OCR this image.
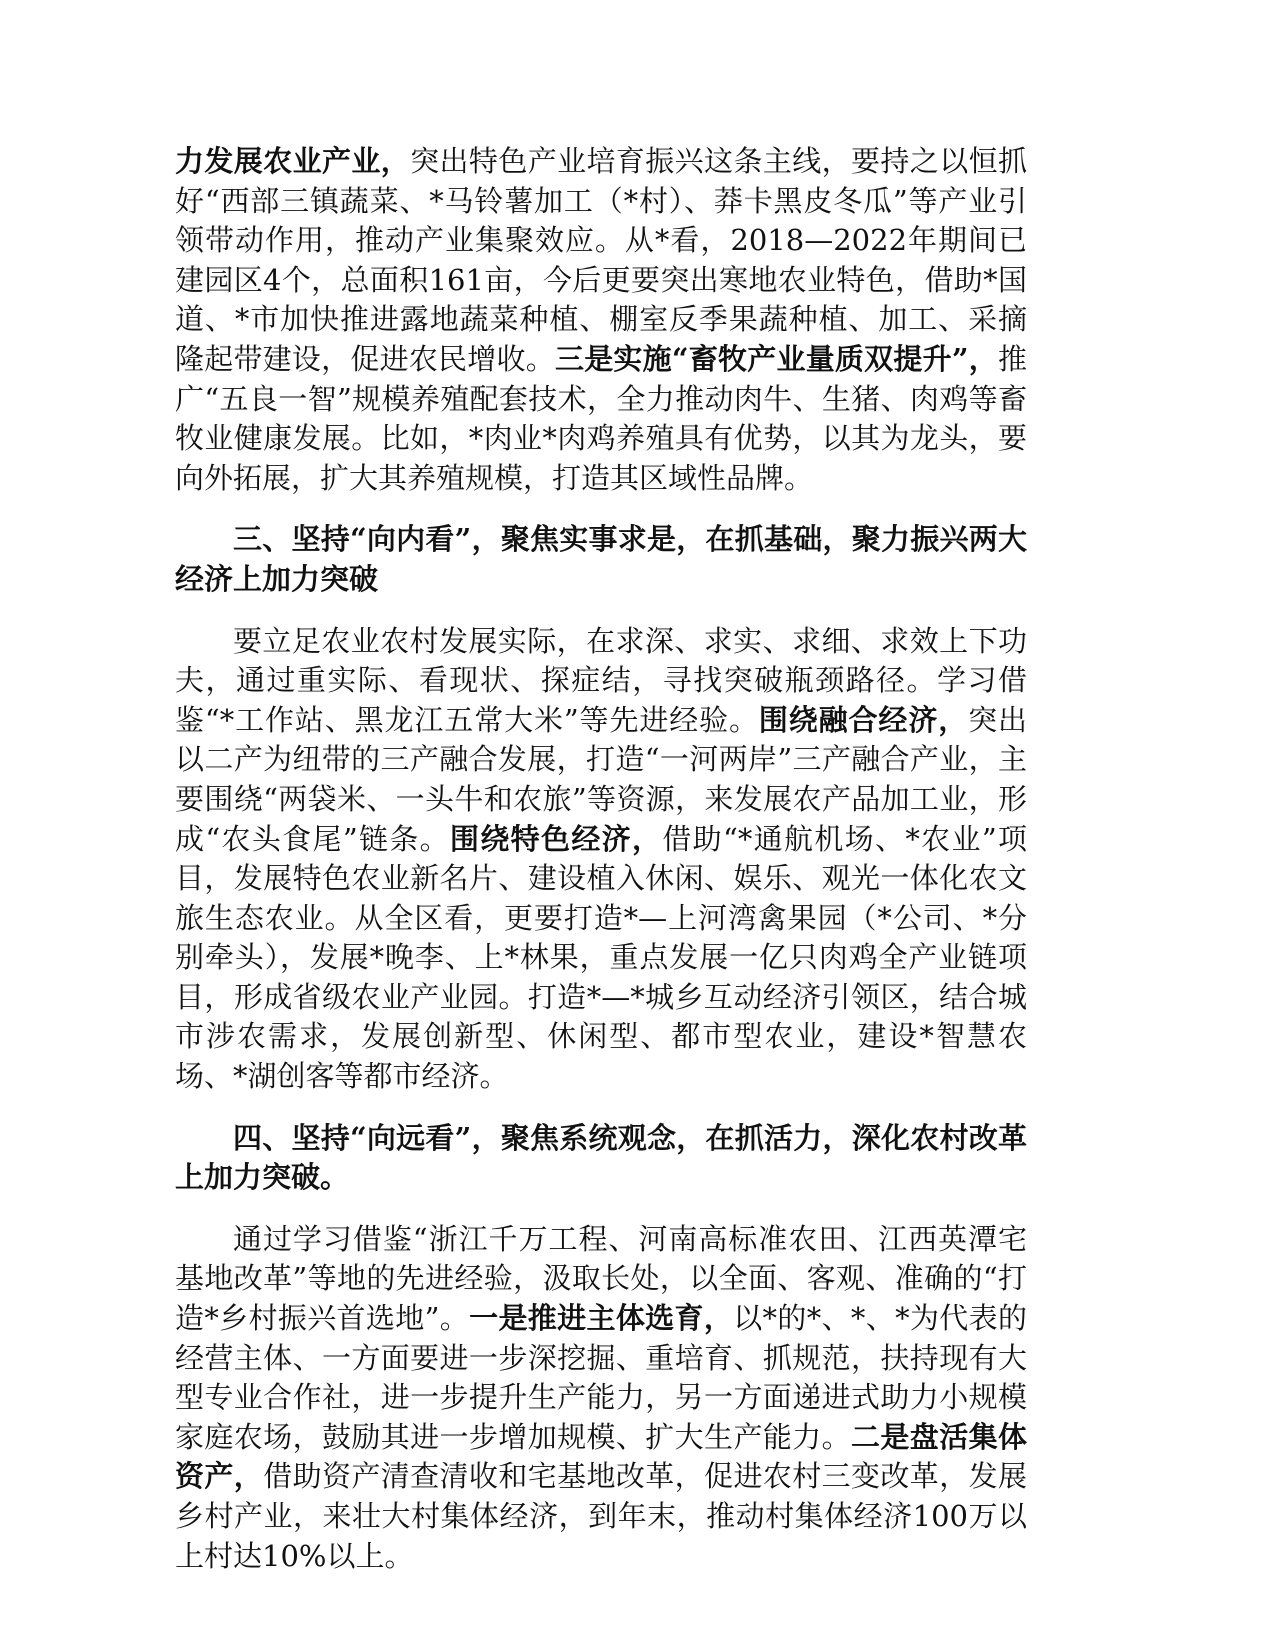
力发展农业产业，突出特色产业培育振兴这条主线，要持之以恒抓好“西部三镇蔬菜、*马铃薯加工（*村）、莽卡黑皮冬瓜”等产业引领带动作用，推动产业集聚效应。从*看，2018—2022年期间已建园区4个，总面积161亩，今后更要突出寒地农业特色，借助*国道、*市加快推进露地蔬菜种植、棚室反季果蔬种植、加工、采摘隆起带建设，促进农民增收。三是实施“畜牧产业量质双提升”，推广“五良一智”规模养殖配套技术，全力推动肉牛、生猪、肉鸡等畜牧业健康发展。比如，*肉业*肉鸡养殖具有优势，以其为龙头，要向外拓展，扩大其养殖规模，打造其区域性品牌。

三、坚持“向内看”，聚焦实事求是，在抓基础，聚力振兴两大经济上加力突破

要立足农业农村发展实际，在求深、求实、求细、求效上下功夫，通过重实际、看现状、探症结，寻找突破瓶颈路径。学习借鉴“*工作站、黑龙江五常大米”等先进经验。围绕融合经济，突出以二产为纽带的三产融合发展，打造“一河两岸”三产融合产业，主要围绕“两袋米、一头牛和农旅”等资源，来发展农产品加工业，形成“农头食尾”链条。围绕特色经济，借助“*通航机场、*农业”项目，发展特色农业新名片、建设植入休闲、娱乐、观光一体化农文旅生态农业。从全区看，更要打造*—上河湾禽果园（*公司、*分别牵头），发展*晚李、上*林果，重点发展一亿只肉鸡全产业链项目，形成省级农业产业园。打造*—*城乡互动经济引领区，结合城市涉农需求，发展创新型、休闲型、都市型农业，建设*智慧农场、*湖创客等都市经济。

四、坚持“向远看”，聚焦系统观念，在抓活力，深化农村改革上加力突破。

通过学习借鉴“浙江千万工程、河南高标准农田、江西英潭宅基地改革”等地的先进经验，汲取长处，以全面、客观、准确的“打造*乡村振兴首选地”。一是推进主体选育，以*的*、*、*为代表的经营主体、一方面要进一步深挖掘、重培育、抓规范，扶持现有大型专业合作社，进一步提升生产能力，另一方面递进式助力小规模家庭农场，鼓励其进一步增加规模、扩大生产能力。二是盘活集体资产，借助资产清查清收和宅基地改革，促进农村三变改革，发展乡村产业，来壮大村集体经济，到年末，推动村集体经济100万以上村达10%以上。
